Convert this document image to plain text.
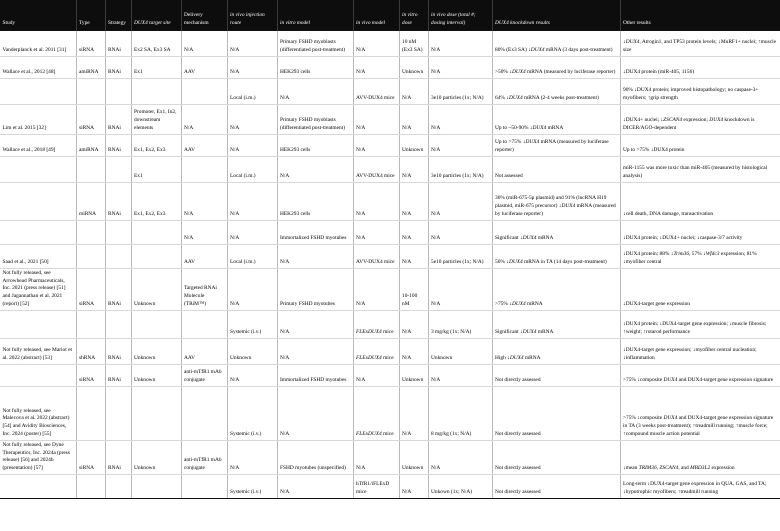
Study	Type	Strategy	DUX4 target site	Delivery mechanism	in vivo injection route	in vitro model	in vivo model	in vitro dose	in vivo dose (total #; dosing interval)	DUX4 knockdown results	Other results
Vanderplanck et al. 2011 [31]	siRNA	RNAi	Ex2 SA, Ex3 SA	N/A	N/A	Primary FSHD myoblasts (differentiated post-treatment)	N/A	10 nM (Ex3 SA)	N/A	80% (Ex3 SA) ↓DUX4 mRNA (3 days post-treatment)	↓DUX4, Atrogin1, and TP53 protein levels; ↓MuRF1+ nuclei; ↑muscle size
Wallace et al., 2012 [48]	amiRNA	RNAi	Ex1	AAV	N/A	HEK293 cells	N/A	Unknown	N/A	>50% ↓DUX4 mRNA (measured by luciferase reporter)	↓DUX4 protein (miR-405, 1156)
					Local (i.m.)	N/A	AVV-DUX4 mice	N/A	3e10 particles (1x; N/A)	64% ↓DUX4 mRNA (2-4 weeks post-treatment)	90% ↓DUX4 protein; improved histopathology; no caspase-3+ myofibers; ↑grip strength
Lim et al. 2015 [32]	siRNA	RNAi	Promoter, Ex1, In2, downstream elements	N/A	N/A	Primary FSHD myoblasts (differentiated post-treatment)	N/A	N/A	N/A	Up to ~50-90% ↓DUX4 mRNA	↓DUX4+ nuclei; ↓ZSCAN4 expression; DUX4 knockdown is DICER/AGO-dependent
Wallace et al., 2018 [49]	amiRNA	RNAi	Ex1, Ex2, Ex3	AAV	N/A	HEK293 cells	N/A	Unknown	N/A	Up to >75% ↓DUX4 mRNA (measured by luciferase reporter)	Up to >75% ↓DUX4 protein
			Ex1		Local (i.m.)	N/A	AVV-DUX4 mice	N/A	3e10 particles (1x; N/A)	Not assessed	miR-1155 was more toxic than miR-405 (measured by histological analysis)
	miRNA	RNAi	Ex1, Ex2, Ex3	N/A	N/A	HEK293 cells	N/A	N/A	N/A	36% (miR-675-5p plasmid) and 91% (lncRNA H19 plasmid, miR-675 precursor) ↓DUX4 mRNA (measured by luciferase reporter)	↓cell death, DNA damage, transactivation
				N/A	N/A	Immortalized FSHD myotubes	N/A	N/A	N/A	Significant ↓DUX4 mRNA	↓DUX4 protein; ↓DUX4+ nuclei; ↓caspase-3/7 activity
Saad et al., 2021 [50]				AAV	Local (i.m.)	N/A	AVV-DUX4 mice	N/A	5e10 particles (1x; N/A)	56% ↓DUX4 mRNA in TA (14 days post-treatment)	↓DUX4 protein; 88% ↓Trim36, 57% ↓Wfdc3 expression; 81% ↓myofiber central
Not fully released, see Arrowhead Pharmaceuticals, Inc. 2021 (press release) [51] and Jagannathan et al. 2021 (report) [52]	siRNA	RNAi	Unknown	Targeted RNAi Molecule (TRiM™)	N/A	Primary FSHD myotubes	N/A	10-100 nM	N/A	>75% ↓DUX4 mRNA	↓DUX4-target gene expression
					Systemic (i.v.)	N/A	FLExDUX4 mice	N/A	3 mg/kg (1x; N/A)	Significant ↓DUX4 mRNA	↓DUX4 protein; ↓DUX4-target gene expression; ↓muscle fibrosis; ↑weight; ↑rotarod performance
Not fully released, see Mariot et al. 2022 (abstract) [53]	shRNA	RNAi	Unknown	AAV	Unknown	N/A	FLExDUX4 mice	N/A	Unknown	High ↓DUX4 mRNA	↓DUX4-target gene expression; ↓myofiber central nucleation; ↓inflammation
	siRNA	RNAi	Unknown	anti-mTfR1 mAb conjugate	N/A	Immortalized FSHD myotubes	N/A	Unknown	N/A	Not directly assessed	>75% ↓composite DUX4 and DUX4-target gene expression signature
Not fully released, see Malecova et al. 2022 (abstract) [54] and Avidity Biosciences, Inc. 2024 (poster) [55]					Systemic (i.v.)	N/A	FLExDUX4 mice	N/A	8 mg/kg (1x; N/A)	Not directly assessed	>75% ↓composite DUX4 and DUX4-target gene expression signature in TA (3 weeks post-treatment); ↑treadmill running; ↑muscle force; ↑compound muscle action potential
Not fully released, see Dyne Therapeutics, Inc. 2024a (press release) [56] and 2024b (presentation) [57]	siRNA	RNAi	Unknown	anti-mTfR1 mAb conjugate	N/A	FSHD myotubes (unspecified)	N/A	Unknown	N/A	Not directly assessed	↓mean TRIM36, ZSCAN4, and MBD3L2 expression
					Systemic (i.v.)	N/A	hTfR1/iFLExD mice	N/A	Unkown (1x; N/A)	Not directly assessed	Long-term ↓DUX4-target gene expression in QUA, GAS, and TA; ↓hypotrophic myofibers; ↑treadmill running
